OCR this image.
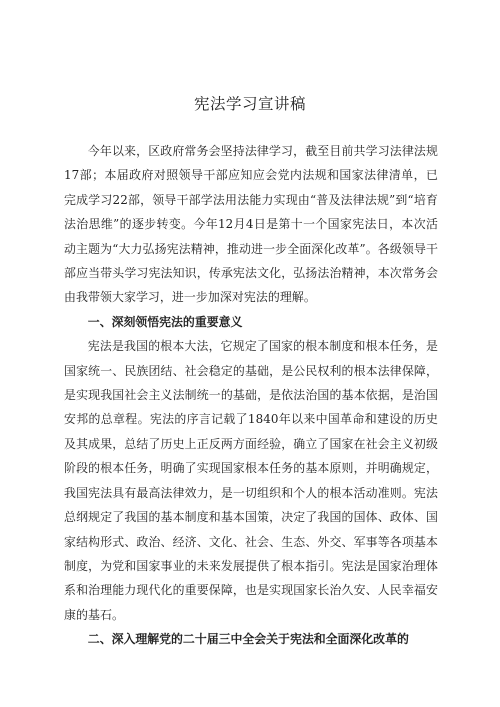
宪法学习宣讲稿

今年以来，区政府常务会坚持法律学习，截至目前共学习法律法规17部；本届政府对照领导干部应知应会党内法规和国家法律清单，已完成学习22部，领导干部学法用法能力实现由“普及法律法规”到“培育法治思维”的逐步转变。今年12月4日是第十一个国家宪法日，本次活动主题为“大力弘扬宪法精神，推动进一步全面深化改革”。各级领导干部应当带头学习宪法知识，传承宪法文化，弘扬法治精神，本次常务会由我带领大家学习，进一步加深对宪法的理解。

一、深刻领悟宪法的重要意义

宪法是我国的根本大法，它规定了国家的根本制度和根本任务，是国家统一、民族团结、社会稳定的基础，是公民权利的根本法律保障，是实现我国社会主义法制统一的基础，是依法治国的基本依据，是治国安邦的总章程。宪法的序言记载了1840年以来中国革命和建设的历史及其成果，总结了历史上正反两方面经验，确立了国家在社会主义初级阶段的根本任务，明确了实现国家根本任务的基本原则，并明确规定，我国宪法具有最高法律效力，是一切组织和个人的根本活动准则。宪法总纲规定了我国的基本制度和基本国策，决定了我国的国体、政体、国家结构形式、政治、经济、文化、社会、生态、外交、军事等各项基本制度，为党和国家事业的未来发展提供了根本指引。宪法是国家治理体系和治理能力现代化的重要保障，也是实现国家长治久安、人民幸福安康的基石。

二、深入理解党的二十届三中全会关于宪法和全面深化改革的
